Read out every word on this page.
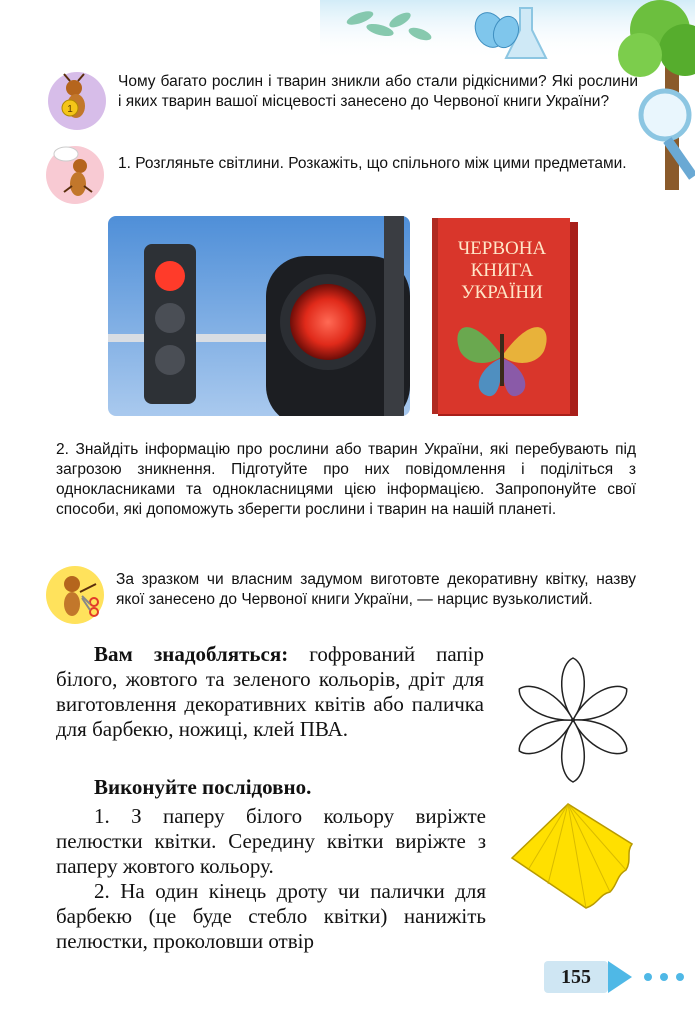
1
Чому багато рослин і тварин зникли або стали рідкісними? Які рослини і яких тварин вашої місцевості занесено до Червоної книги України?
1. Розгляньте світлини. Розкажіть, що спільного між цими предметами.
ЧЕРВОНА
КНИГА
УКРАЇНИ
2. Знайдіть інформацію про рослини або тварин України, які перебувають під загрозою зникнення. Підготуйте про них повідомлення і поділіться з однокласниками та однокласницями цією інформацією. Запропонуйте свої способи, які допоможуть зберегти рослини і тварин на нашій планеті.
За зразком чи власним задумом виготовте декоративну квітку, назву якої занесено до Червоної книги України, — нарцис вузьколистий.
Вам знадобляться: гофрований папір білого, жовтого та зеленого кольорів, дріт для виготовлення декоративних квітів або паличка для барбекю, ножиці, клей ПВА.
Виконуйте послідовно.
1. З паперу білого кольору виріжте пелюстки квітки. Середину квітки виріжте з паперу жовтого кольору.
2. На один кінець дроту чи палички для барбекю (це буде стебло квітки) нанижіть пелюстки, проколовши отвір
155
